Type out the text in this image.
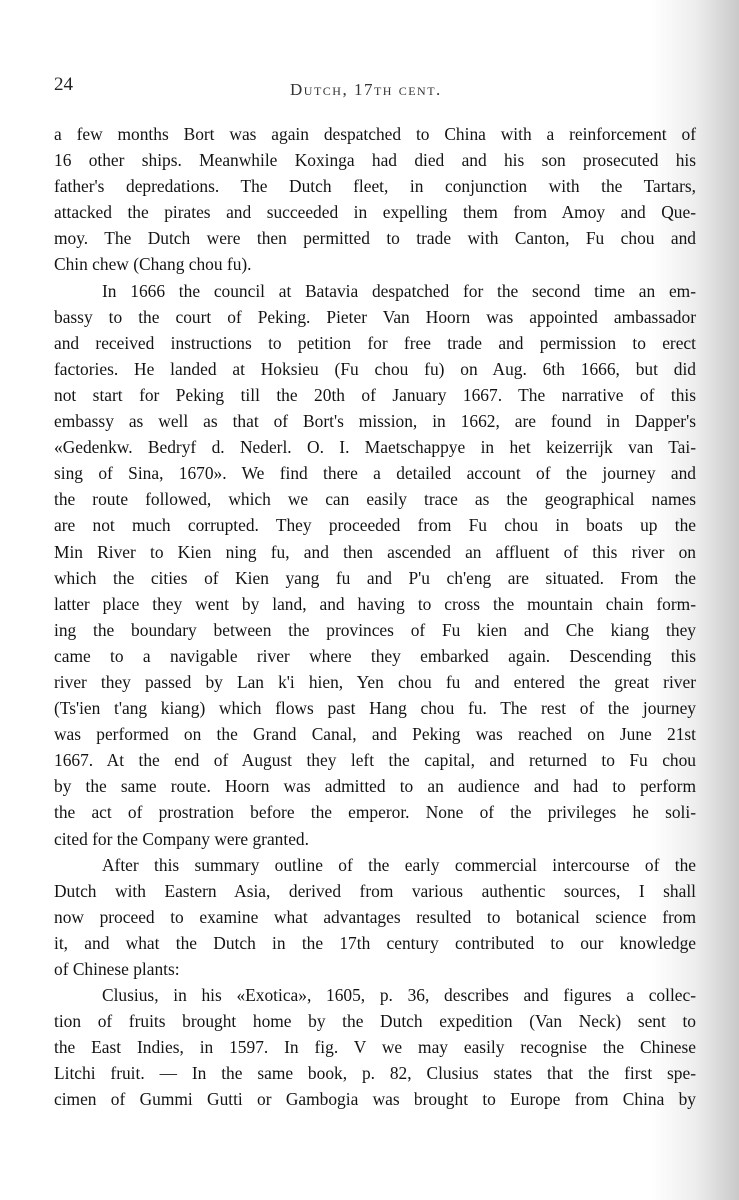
24	Dutch, 17th cent.

a few months Bort was again despatched to China with a reinforcement of
16 other ships. Meanwhile Koxinga had died and his son prosecuted his
father's depredations. The Dutch fleet, in conjunction with the Tartars,
attacked the pirates and succeeded in expelling them from Amoy and Que-
moy. The Dutch were then permitted to trade with Canton, Fu chou and
Chin chew (Chang chou fu).

In 1666 the council at Batavia despatched for the second time an em-
bassy to the court of Peking. Pieter Van Hoorn was appointed ambassador
and received instructions to petition for free trade and permission to erect
factories. He landed at Hoksieu (Fu chou fu) on Aug. 6th 1666, but did
not start for Peking till the 20th of January 1667. The narrative of this
embassy as well as that of Bort's mission, in 1662, are found in Dapper's
«Gedenkw. Bedryf d. Nederl. O. I. Maetschappye in het keizerrijk van Tai-
sing of Sina, 1670». We find there a detailed account of the journey and
the route followed, which we can easily trace as the geographical names
are not much corrupted. They proceeded from Fu chou in boats up the
Min River to Kien ning fu, and then ascended an affluent of this river on
which the cities of Kien yang fu and P'u ch'eng are situated. From the
latter place they went by land, and having to cross the mountain chain form-
ing the boundary between the provinces of Fu kien and Che kiang they
came to a navigable river where they embarked again. Descending this
river they passed by Lan k'i hien, Yen chou fu and entered the great river
(Ts'ien t'ang kiang) which flows past Hang chou fu. The rest of the journey
was performed on the Grand Canal, and Peking was reached on June 21st
1667. At the end of August they left the capital, and returned to Fu chou
by the same route. Hoorn was admitted to an audience and had to perform
the act of prostration before the emperor. None of the privileges he soli-
cited for the Company were granted.

After this summary outline of the early commercial intercourse of the
Dutch with Eastern Asia, derived from various authentic sources, I shall
now proceed to examine what advantages resulted to botanical science from
it, and what the Dutch in the 17th century contributed to our knowledge
of Chinese plants:

Clusius, in his «Exotica», 1605, p. 36, describes and figures a collec-
tion of fruits brought home by the Dutch expedition (Van Neck) sent to
the East Indies, in 1597. In fig. V we may easily recognise the Chinese
Litchi fruit. — In the same book, p. 82, Clusius states that the first spe-
cimen of Gummi Gutti or Gambogia was brought to Europe from China by
